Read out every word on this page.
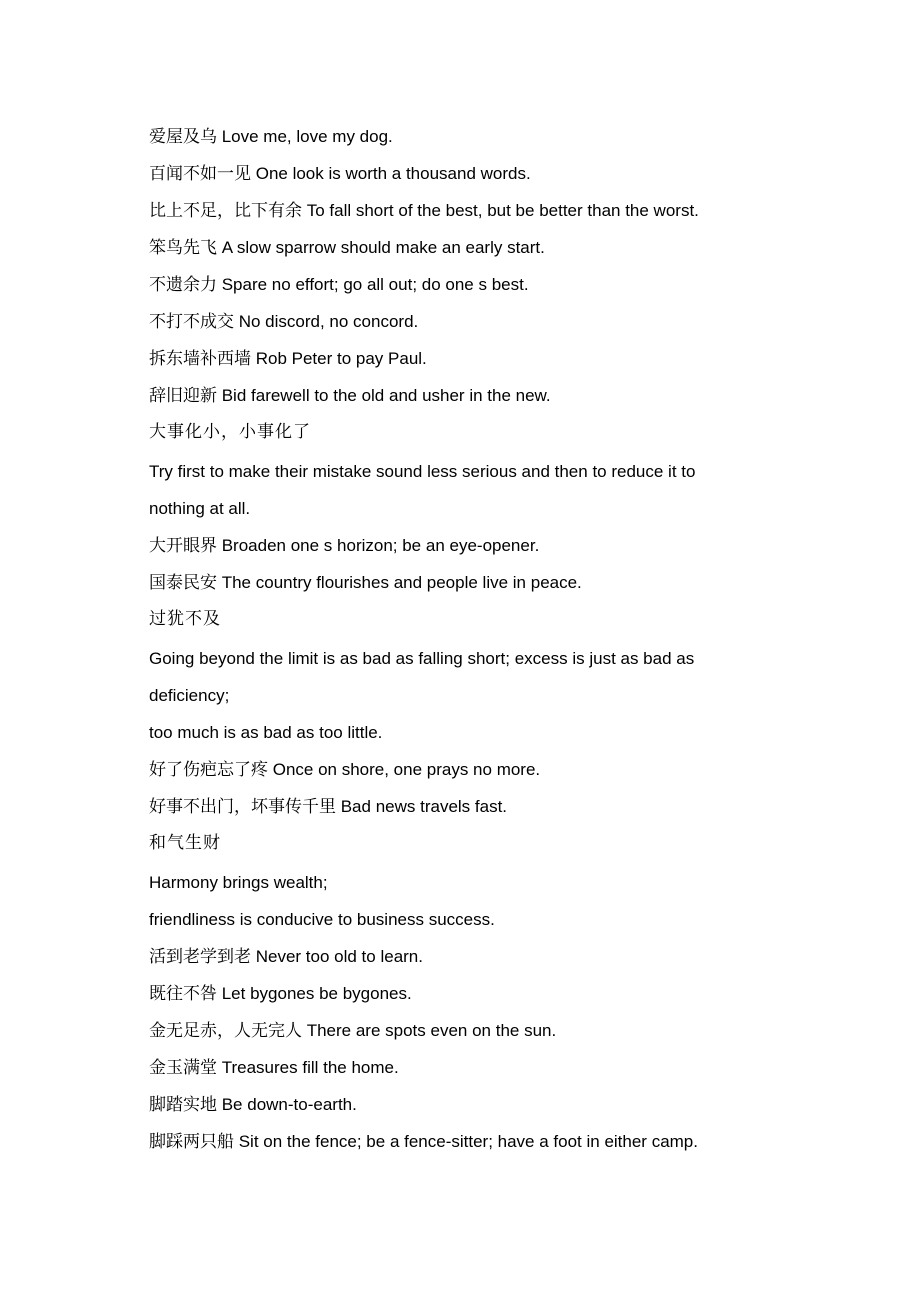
爱屋及乌 Love me, love my dog.

百闻不如一见 One look is worth a thousand words.

比上不足，比下有余 To fall short of the best, but be better than the worst.

笨鸟先飞 A slow sparrow should make an early start.

不遗余力 Spare no effort; go all out; do one s best.

不打不成交 No discord, no concord.

拆东墙补西墙 Rob Peter to pay Paul.

辞旧迎新 Bid farewell to the old and usher in the new.

大事化小，小事化了

Try first to make their mistake sound less serious and then to reduce it to

nothing at all.

大开眼界 Broaden one s horizon; be an eye-opener.

国泰民安 The country flourishes and people live in peace.

过犹不及

Going beyond the limit is as bad as falling short; excess is just as bad as

deficiency;

too much is as bad as too little.

好了伤疤忘了疼 Once on shore, one prays no more.

好事不出门，坏事传千里 Bad news travels fast.

和气生财

Harmony brings wealth;

friendliness is conducive to business success.

活到老学到老 Never too old to learn.

既往不咎 Let bygones be bygones.

金无足赤，人无完人 There are spots even on the sun.

金玉满堂 Treasures fill the home.

脚踏实地 Be down-to-earth.

脚踩两只船 Sit on the fence; be a fence-sitter; have a foot in either camp.
